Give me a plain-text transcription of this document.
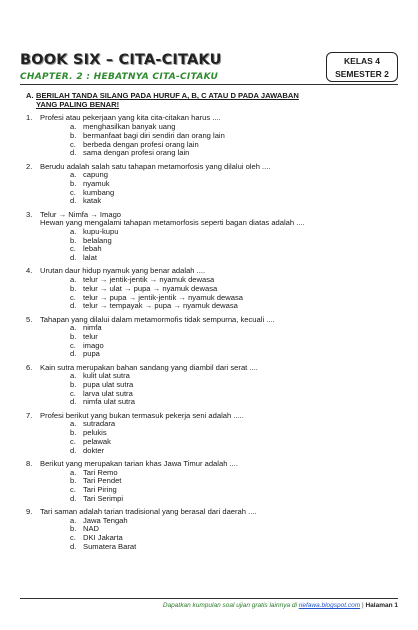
BOOK SIX – CITA-CITAKU
CHAPTER. 2 : HEBATNYA CITA-CITAKU
KELAS 4
SEMESTER 2
A. BERILAH TANDA SILANG PADA HURUF A, B, C ATAU D PADA JAWABAN
YANG PALING BENAR!
1.	Profesi atau pekerjaan yang kita cita-citakan harus ....
a. menghasilkan banyak uang
b. bermanfaat bagi diri sendiri dan orang lain
c. berbeda dengan profesi orang lain
d. sama dengan profesi orang lain
2.	Berudu adalah salah satu tahapan metamorfosis yang dilalui oleh ....
a. capung
b. nyamuk
c. kumbang
d. katak
3.	Telur → Nimfa → Imago
Hewan yang mengalami tahapan metamorfosis seperti bagan diatas adalah ....
a. kupu-kupu
b. belalang
c. lebah
d. lalat
4.	Urutan daur hidup nyamuk yang benar adalah ....
a. telur → jentik-jentik → nyamuk dewasa
b. telur → ulat → pupa → nyamuk dewasa
c. telur → pupa → jentik-jentik → nyamuk dewasa
d. telur → tempayak → pupa → nyamuk dewasa
5.	Tahapan yang dilalui dalam metamormofis tidak sempurna, kecuali ....
a. nimfa
b. telur
c. imago
d. pupa
6.	Kain sutra merupakan bahan sandang yang diambil dari serat ....
a. kulit ulat sutra
b. pupa ulat sutra
c. larva ulat sutra
d. nimfa ulat sutra
7.	Profesi berikut yang bukan termasuk pekerja seni adalah .....
a. sutradara
b. pelukis
c. pelawak
d. dokter
8.	Berikut yang merupakan tarian khas Jawa Timur adalah ....
a. Tari Remo
b. Tari Pendet
c. Tari Piring
d. Tari Serimpi
9.	Tari saman adalah tarian tradisional yang berasal dari daerah ....
a. Jawa Tengah
b. NAD
c. DKI Jakarta
d. Sumatera Barat
Dapatkan kumpulan soal ujian gratis lainnya di riefawa.blogspot.com | Halaman 1
